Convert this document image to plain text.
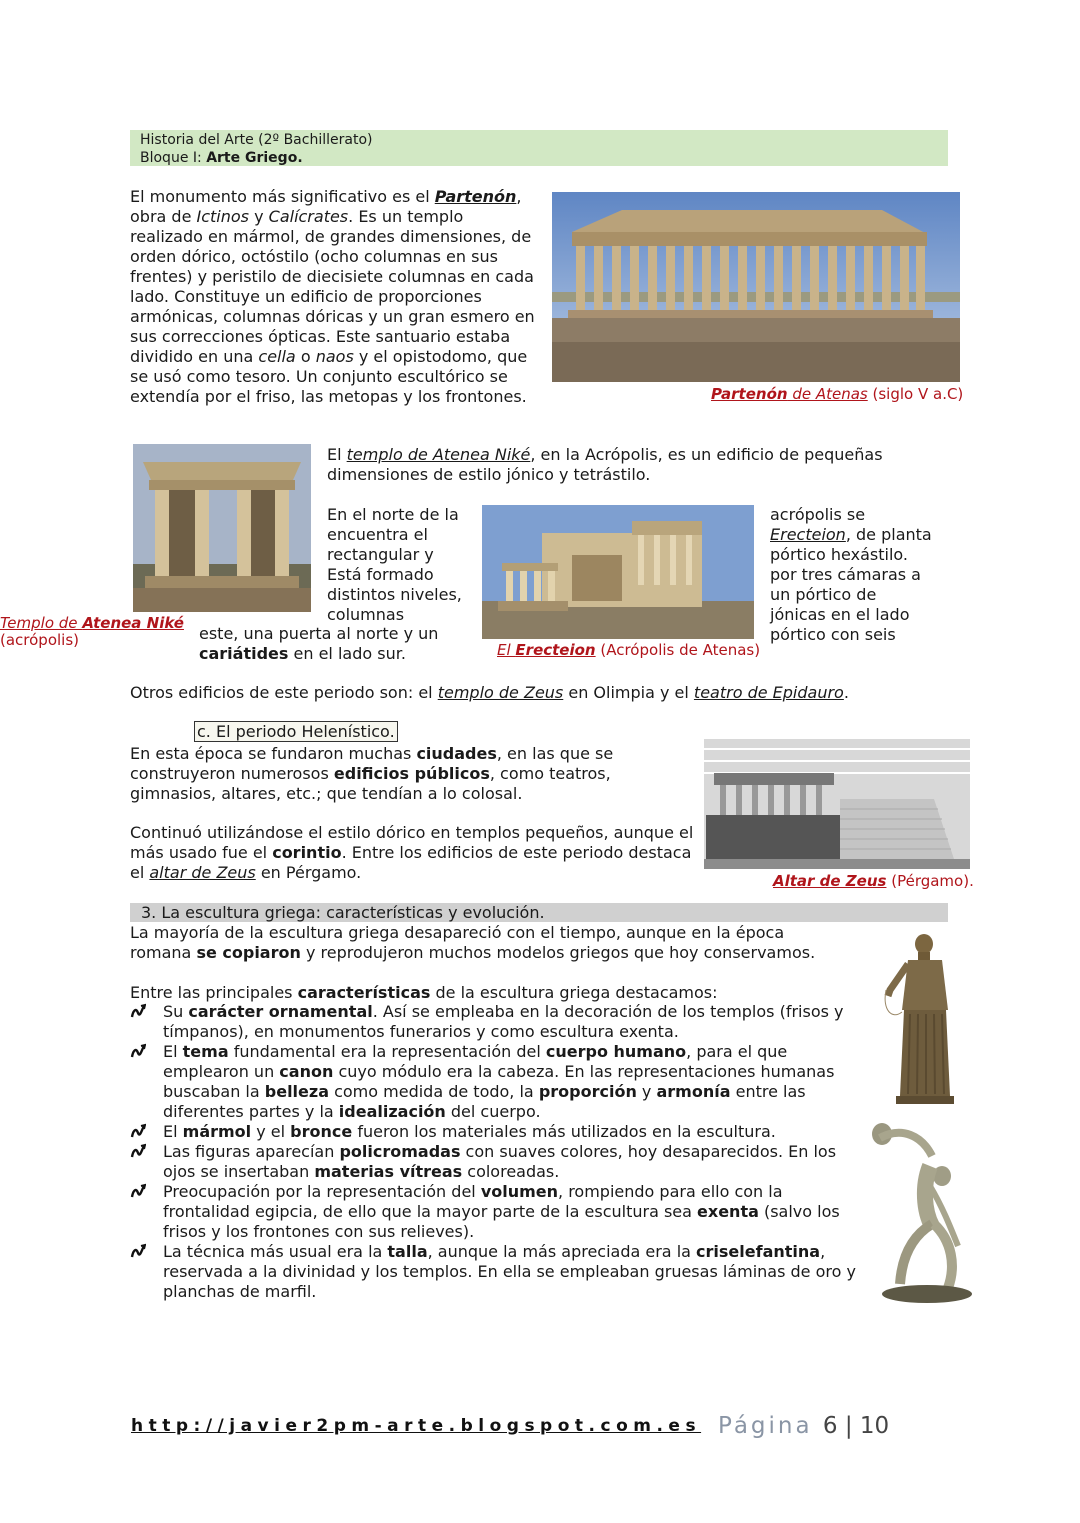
Historia del Arte (2º Bachillerato)
Bloque I: Arte Griego.

El monumento más significativo es el Partenón, obra de Ictinos y Calícrates. Es un templo realizado en mármol, de grandes dimensiones, de orden dórico, octóstilo (ocho columnas en sus frentes) y peristilo de diecisiete columnas en cada lado. Constituye un edificio de proporciones armónicas, columnas dóricas y un gran esmero en sus correcciones ópticas. Este santuario estaba dividido en una cella o naos y el opistodomo, que se usó como tesoro. Un conjunto escultórico se extendía por el friso, las metopas y los frontones.	Partenón de Atenas (siglo V a.C)
Templo de Atenea Niké
(acrópolis)

El templo de Atenea Niké, en la Acrópolis, es un edificio de pequeñas dimensiones de estilo jónico y tetrástilo.

En el norte de la
encuentra el
rectangular y
Está formado
distintos niveles,
columnas
este, una puerta al norte y un
cariátides en el lado sur.	El Erecteion (Acrópolis de Atenas)
acrópolis se
Erecteion, de planta
pórtico hexástilo.
por tres cámaras a
un pórtico de
jónicas en el lado
pórtico con seis

Otros edificios de este periodo son: el templo de Zeus en Olimpia y el teatro de Epidauro.

c. El periodo Helenístico.

En esta época se fundaron muchas ciudades, en las que se construyeron numerosos edificios públicos, como teatros, gimnasios, altares, etc.; que tendían a lo colosal.

Continuó utilizándose el estilo dórico en templos pequeños, aunque el más usado fue el corintio. Entre los edificios de este periodo destaca el altar de Zeus en Pérgamo.	Altar de Zeus (Pérgamo).
3. La escultura griega: características y evolución.

La mayoría de la escultura griega desapareció con el tiempo, aunque en la época romana se copiaron y reprodujeron muchos modelos griegos que hoy conservamos.

Entre las principales características de la escultura griega destacamos:

Su carácter ornamental. Así se empleaba en la decoración de los templos (frisos y tímpanos), en monumentos funerarios y como escultura exenta.
El tema fundamental era la representación del cuerpo humano, para el que emplearon un canon cuyo módulo era la cabeza. En las representaciones humanas buscaban la belleza como medida de todo, la proporción y armonía entre las diferentes partes y la idealización del cuerpo.
El mármol y el bronce fueron los materiales más utilizados en la escultura.
Las figuras aparecían policromadas con suaves colores, hoy desaparecidos. En los ojos se insertaban materias vítreas coloreadas.
Preocupación por la representación del volumen, rompiendo para ello con la frontalidad egipcia, de ello que la mayor parte de la escultura sea exenta (salvo los frisos y los frontones con sus relieves).
La técnica más usual era la talla, aunque la más apreciada era la criselefantina, reservada a la divinidad y los templos. En ella se empleaban gruesas láminas de oro y planchas de marfil.
http://javier2pm-arte.blogspot.com.es Página 6 | 10
